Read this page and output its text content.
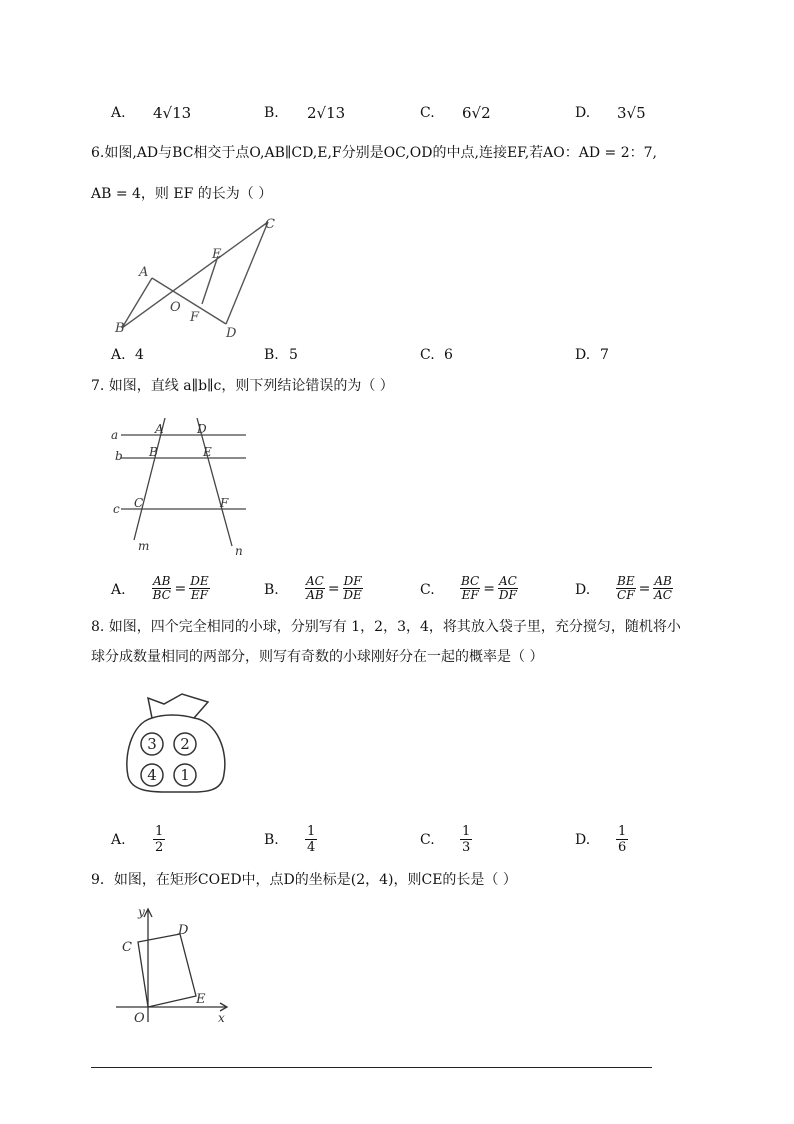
A. 4√13	B. 2√13	C. 6√2	D. 3√5
6.如图,AD与BC相交于点O,AB∥CD,E,F分别是OC,OD的中点,连接EF,若AO：AD = 2：7,
AB = 4，则 EF 的长为（ ）
A
B
O
F
D
E
C
A. 4	B. 5	C. 6	D. 7
7. 如图，直线 a∥b∥c，则下列结论错误的为（ ）
a
b
c
A
B
C
D
E
F
m	n
A. $\frac{AB}{BC} = \frac{DE}{EF}$	B. $\frac{AC}{AB} = \frac{DF}{DE}$	C. $\frac{BC}{EF} = \frac{AC}{DF}$	D. $\frac{BE}{CF} = \frac{AB}{AC}$
8. 如图，四个完全相同的小球，分别写有 1，2，3，4，将其放入袋子里，充分搅匀，随机将小
球分成数量相同的两部分，则写有奇数的小球刚好分在一起的概率是（ ）
3 2
4 1
A. $\frac{1}{2}$	B. $\frac{1}{4}$	C. $\frac{1}{3}$	D. $\frac{1}{6}$
9．如图，在矩形COED中，点D的坐标是(2，4)，则CE的长是（ ）
y
x
O
C
D
E
